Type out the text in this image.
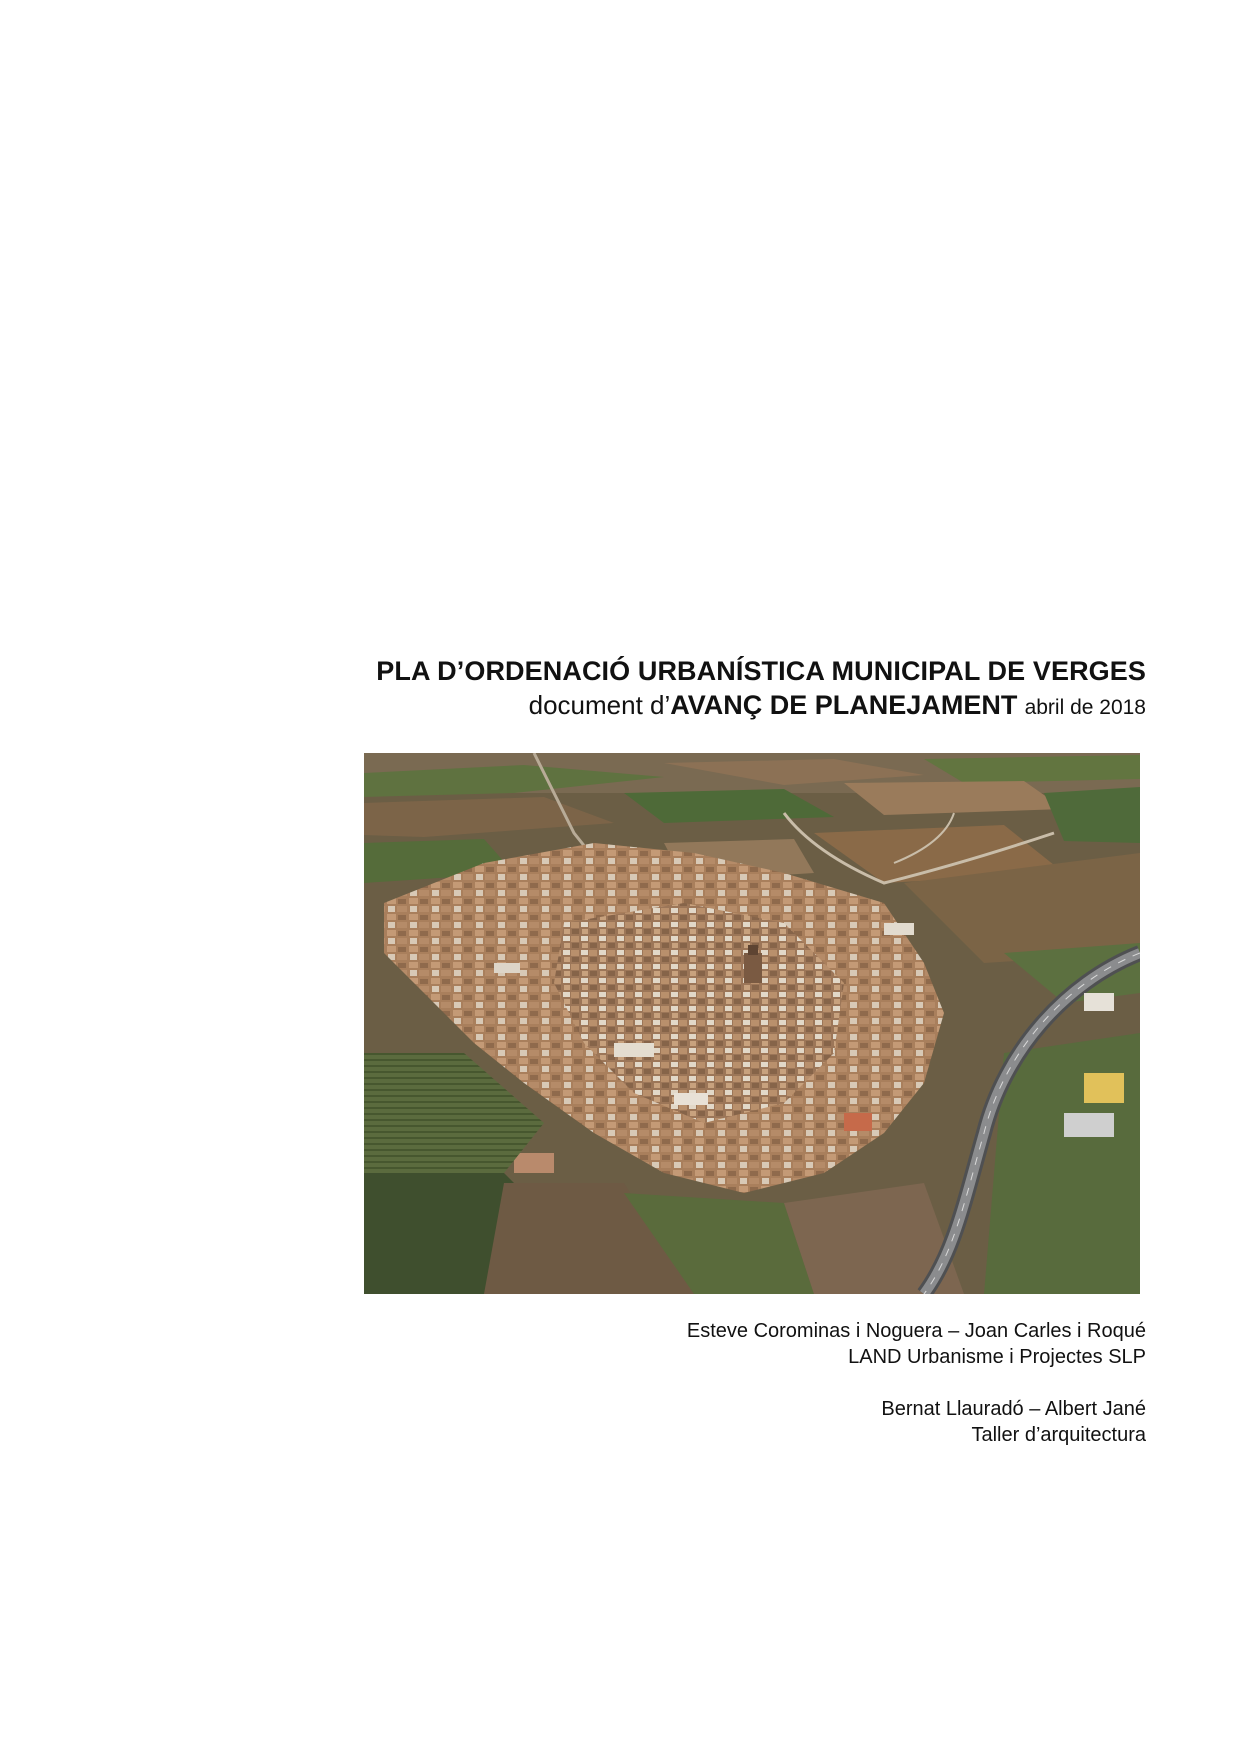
PLA D’ORDENACIÓ URBANÍSTICA MUNICIPAL DE VERGES

document d’AVANÇ DE PLANEJAMENT abril de 2018

Esteve Corominas i Noguera – Joan Carles i Roqué
LAND Urbanisme i Projectes SLP
Bernat Llauradó – Albert Jané
Taller d’arquitectura
